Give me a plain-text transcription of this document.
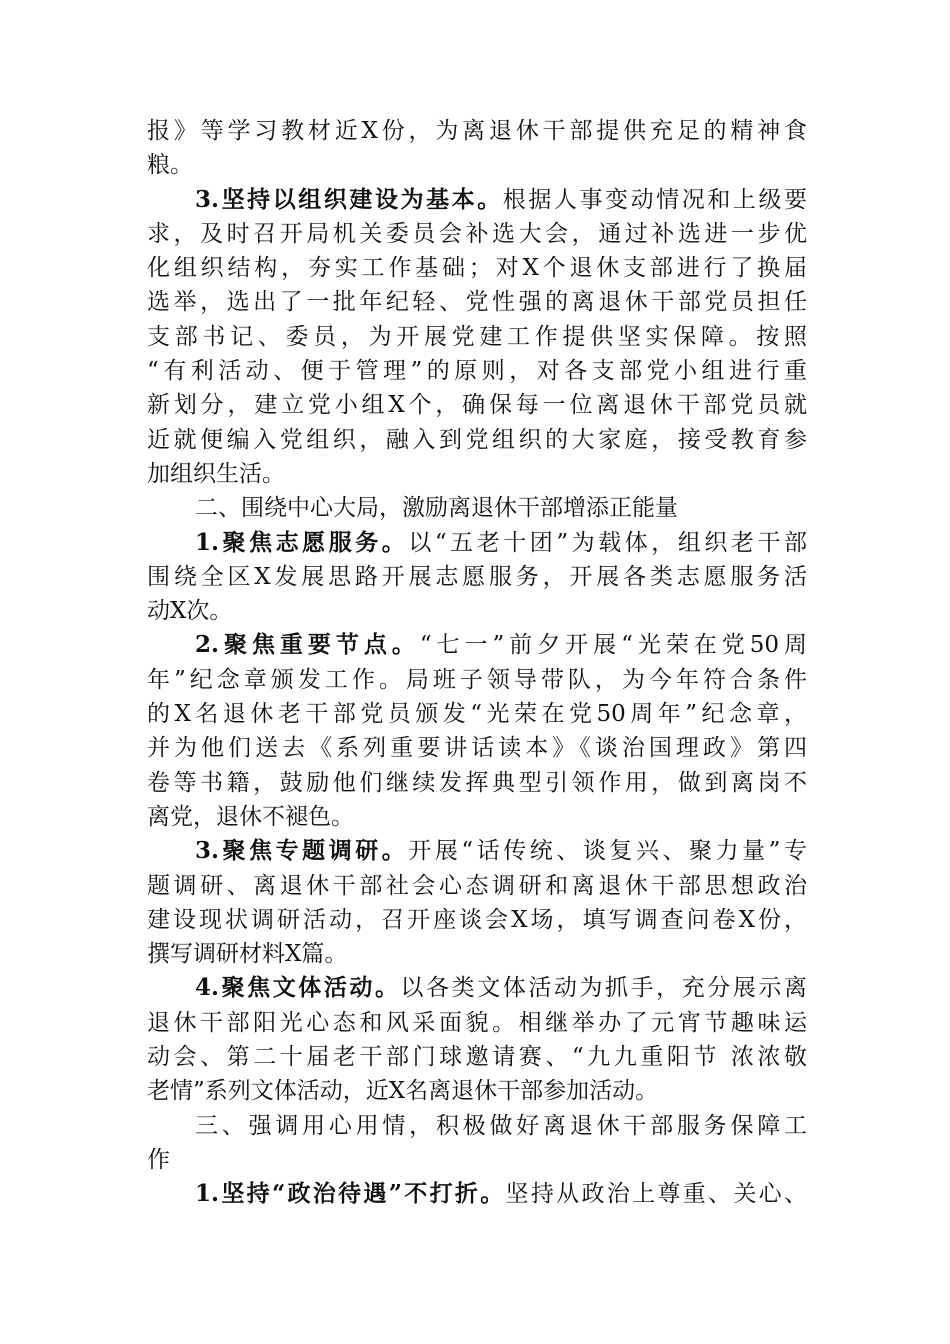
报》等学习教材近X份，为离退休干部提供充足的精神食
粮。
3.坚持以组织建设为基本。根据人事变动情况和上级要
求，及时召开局机关委员会补选大会，通过补选进一步优
化组织结构，夯实工作基础；对X个退休支部进行了换届
选举，选出了一批年纪轻、党性强的离退休干部党员担任
支部书记、委员，为开展党建工作提供坚实保障。按照
“有利活动、便于管理”的原则，对各支部党小组进行重
新划分，建立党小组X个，确保每一位离退休干部党员就
近就便编入党组织，融入到党组织的大家庭，接受教育参
加组织生活。
二、围绕中心大局，激励离退休干部增添正能量
1.聚焦志愿服务。以“五老十团”为载体，组织老干部
围绕全区X发展思路开展志愿服务，开展各类志愿服务活
动X次。
2.聚焦重要节点。“七一”前夕开展“光荣在党50周
年”纪念章颁发工作。局班子领导带队，为今年符合条件
的X名退休老干部党员颁发“光荣在党50周年”纪念章，
并为他们送去《系列重要讲话读本》《谈治国理政》第四
卷等书籍，鼓励他们继续发挥典型引领作用，做到离岗不
离党，退休不褪色。
3.聚焦专题调研。开展“话传统、谈复兴、聚力量”专
题调研、离退休干部社会心态调研和离退休干部思想政治
建设现状调研活动，召开座谈会X场，填写调查问卷X份，
撰写调研材料X篇。
4.聚焦文体活动。以各类文体活动为抓手，充分展示离
退休干部阳光心态和风采面貌。相继举办了元宵节趣味运
动会、第二十届老干部门球邀请赛、“九九重阳节 浓浓敬
老情”系列文体活动，近X名离退休干部参加活动。
三、强调用心用情，积极做好离退休干部服务保障工
作
1.坚持“政治待遇”不打折。坚持从政治上尊重、关心、
